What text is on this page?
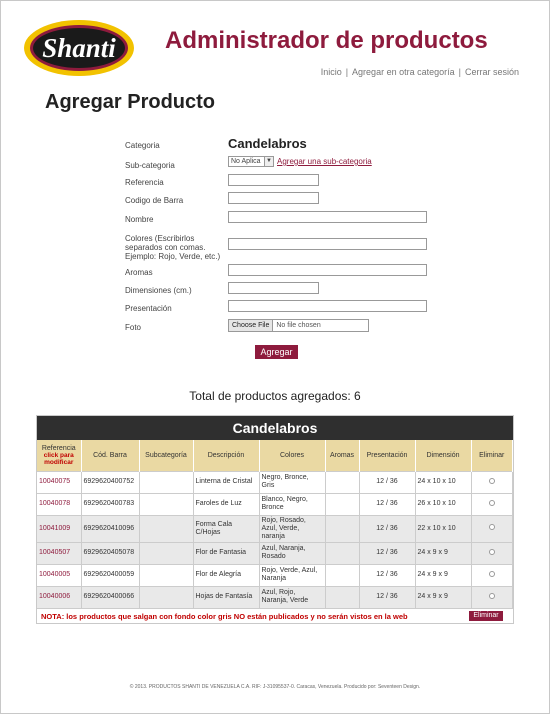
Shanti Administrador de productos
Inicio | Agregar en otra categoría | Cerrar sesión
Agregar Producto
Categoria	Candelabros
Sub-categoria	No Aplica ▼ Agregar una sub-categoria
Referencia
Codigo de Barra
Nombre
Colores (Escribirlos
separados con comas.
Ejemplo: Rojo, Verde, etc.)
Aromas
Dimensiones (cm.)
Presentación
Foto	Choose File No file chosen
Agregar
Total de productos agregados: 6
Candelabros
Referencia
click para
modificar	Cód. Barra	Subcategoría	Descripción	Colores	Aromas	Presentación	Dimensión	Eliminar
10040075	6929620400752		Linterna de Cristal	Negro, Bronce, Gris		12 / 36	24 x 10 x 10	
10040078	6929620400783		Faroles de Luz	Blanco, Negro, Bronce		12 / 36	26 x 10 x 10	
10041009	6929620410096		Forma Cala C/Hojas	Rojo, Rosado, Azul, Verde, naranja		12 / 36	22 x 10 x 10	
10040507	6929620405078		Flor de Fantasia	Azul, Naranja, Rosado		12 / 36	24 x 9 x 9	
10040005	6929620400059		Flor de Alegría	Rojo, Verde, Azul, Naranja		12 / 36	24 x 9 x 9	
10040006	6929620400066		Hojas de Fantasía	Azul, Rojo, Naranja, Verde		12 / 36	24 x 9 x 9	
NOTA: los productos que salgan con fondo color gris NO están publicados y no serán vistos en la web	Eliminar
© 2013. PRODUCTOS SHANTI DE VENEZUELA C.A. RIF: J-31095537-0. Caracas, Venezuela. Producido por: Seventeen Design.
